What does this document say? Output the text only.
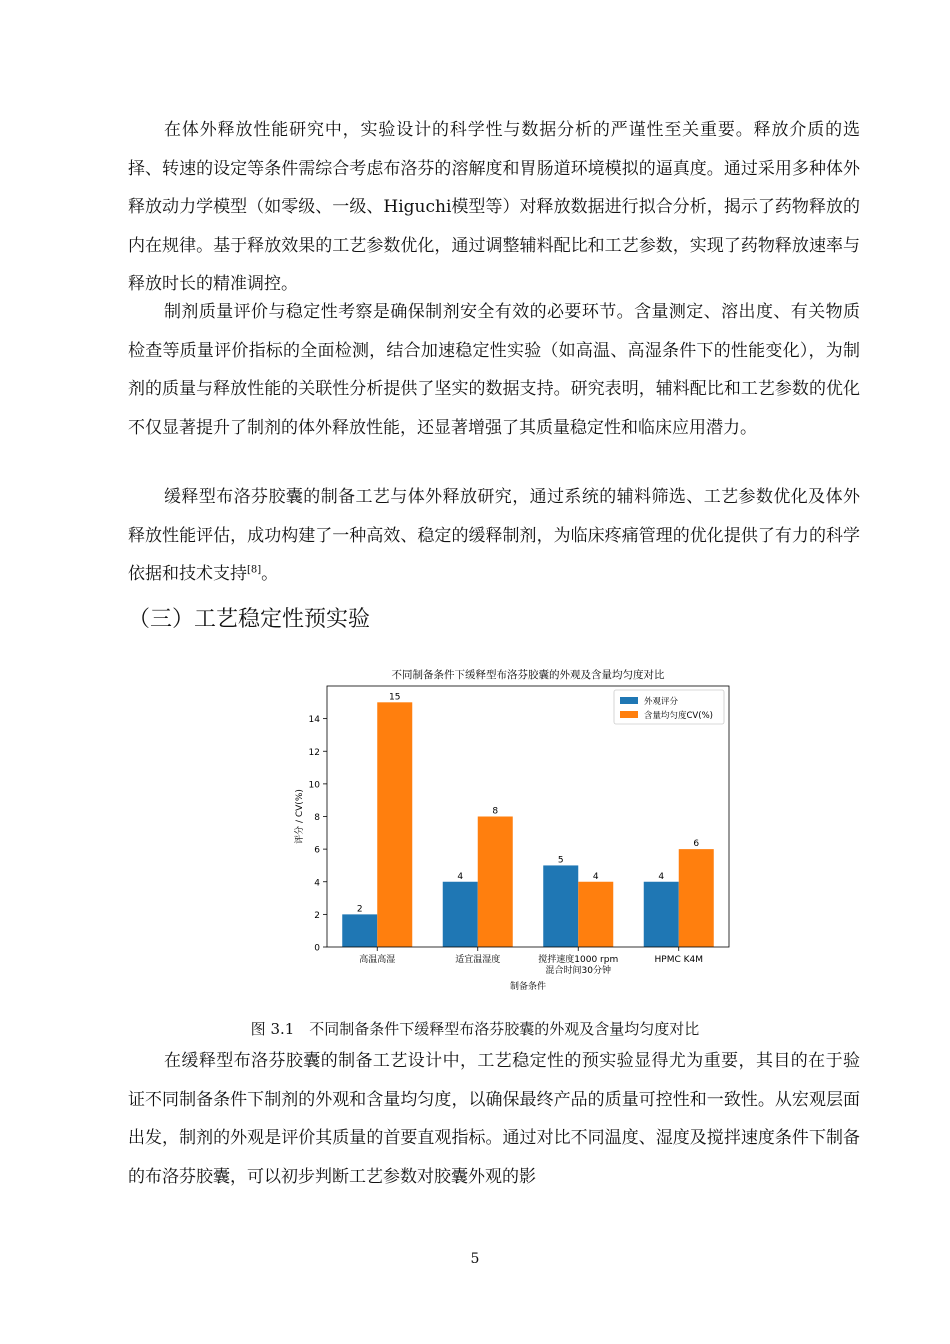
在体外释放性能研究中，实验设计的科学性与数据分析的严谨性至关重要。释放介质的选择、转速的设定等条件需综合考虑布洛芬的溶解度和胃肠道环境模拟的逼真度。通过采用多种体外释放动力学模型（如零级、一级、Higuchi模型等）对释放数据进行拟合分析，揭示了药物释放的内在规律。基于释放效果的工艺参数优化，通过调整辅料配比和工艺参数，实现了药物释放速率与释放时长的精准调控。

制剂质量评价与稳定性考察是确保制剂安全有效的必要环节。含量测定、溶出度、有关物质检查等质量评价指标的全面检测，结合加速稳定性实验（如高温、高湿条件下的性能变化），为制剂的质量与释放性能的关联性分析提供了坚实的数据支持。研究表明，辅料配比和工艺参数的优化不仅显著提升了制剂的体外释放性能，还显著增强了其质量稳定性和临床应用潜力。

缓释型布洛芬胶囊的制备工艺与体外释放研究，通过系统的辅料筛选、工艺参数优化及体外释放性能评估，成功构建了一种高效、稳定的缓释制剂，为临床疼痛管理的优化提供了有力的科学依据和技术支持[8]。

（三）工艺稳定性预实验
不同制备条件下缓释型布洛芬胶囊的外观及含量均匀度对比
0
2
4
6
8
10
12
14
高温高湿
2
15
适宜温湿度
4
8
搅拌速度1000 rpm
混合时间30分钟
5
4
HPMC K4M
4
6
制备条件
评分 / CV(%)
外观评分
含量均匀度CV(%)
图 3.1　不同制备条件下缓释型布洛芬胶囊的外观及含量均匀度对比

在缓释型布洛芬胶囊的制备工艺设计中，工艺稳定性的预实验显得尤为重要，其目的在于验证不同制备条件下制剂的外观和含量均匀度，以确保最终产品的质量可控性和一致性。从宏观层面出发，制剂的外观是评价其质量的首要直观指标。通过对比不同温度、湿度及搅拌速度条件下制备的布洛芬胶囊，可以初步判断工艺参数对胶囊外观的影

5
